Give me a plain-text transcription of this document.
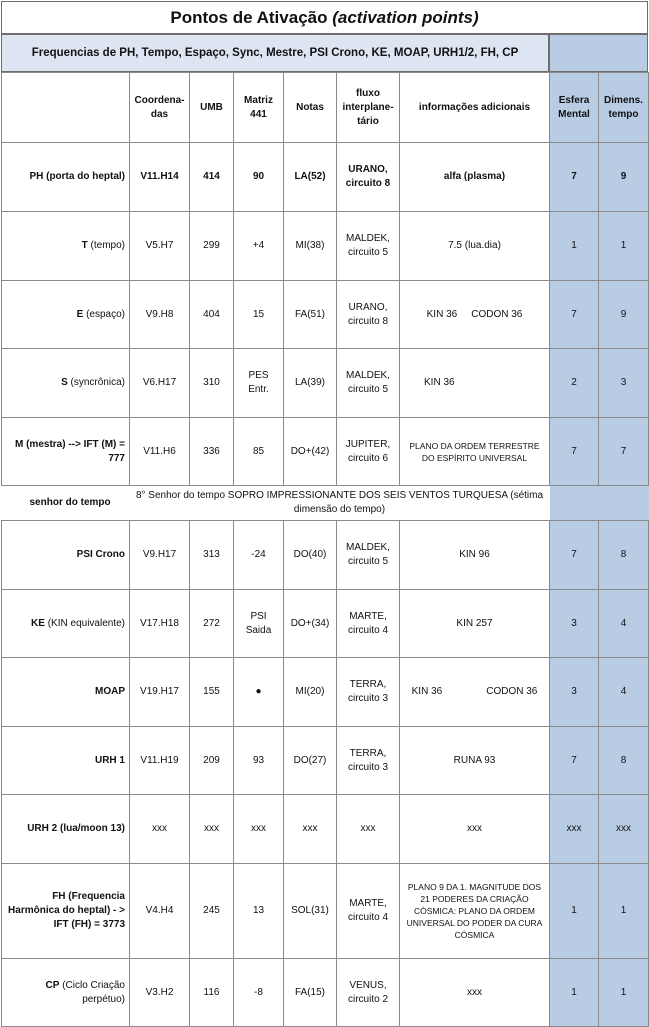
Pontos de Ativação
(activation points)
Frequencias de PH, Tempo, Espaço, Sync, Mestre, PSI Crono, KE, MOAP, URH1/2, FH, CP
	Coordena-das	UMB	Matriz 441	Notas	fluxo interplane-tário	informações adicionais	Esfera Mental	Dimens. tempo
PH (porta do heptal)	V11.H14	414	90	LA(52)	URANO, circuito 8	alfa (plasma)	7	9
T (tempo)	V5.H7	299	+4	MI(38)	MALDEK, circuito 5	7.5 (lua.dia)	1	1
E (espaço)	V9.H8	404	15	FA(51)	URANO, circuito 8	KIN 36 CODON 36	7	9
S (syncrônica)	V6.H17	310	PES Entr.	LA(39)	MALDEK, circuito 5	KIN 36	2	3
M (mestra) --> IFT (M) = 777	V11.H6	336	85	DO+(42)	JUPITER, circuito 6	PLANO DA ORDEM TERRESTRE DO ESPÍRITO UNIVERSAL	7	7
senhor do tempo	8° Senhor do tempo SOPRO IMPRESSIONANTE DOS SEIS VENTOS TURQUESA (sétima dimensão do tempo)							
PSI Crono	V9.H17	313	-24	DO(40)	MALDEK, circuito 5	KIN 96	7	8
KE (KIN equivalente)	V17.H18	272	PSI Saida	DO+(34)	MARTE, circuito 4	KIN 257	3	4
MOAP	V19.H17	155	●	MI(20)	TERRA, circuito 3	KIN 36 CODON 36	3	4
URH 1	V11.H19	209	93	DO(27)	TERRA, circuito 3	RUNA 93	7	8
URH 2 (lua/moon 13)	xxx	xxx	xxx	xxx	xxx	xxx	xxx	xxx
FH (Frequencia Harmônica do heptal) - > IFT (FH) = 3773	V4.H4	245	13	SOL(31)	MARTE, circuito 4	PLANO 9 DA 1. MAGNITUDE DOS 21 PODERES DA CRIAÇÃO CÓSMICA: PLANO DA ORDEM UNIVERSAL DO PODER DA CURA CÓSMICA	1	1
CP (Ciclo Criação perpétuo)	V3.H2	116	-8	FA(15)	VENUS, circuito 2	xxx	1	1
